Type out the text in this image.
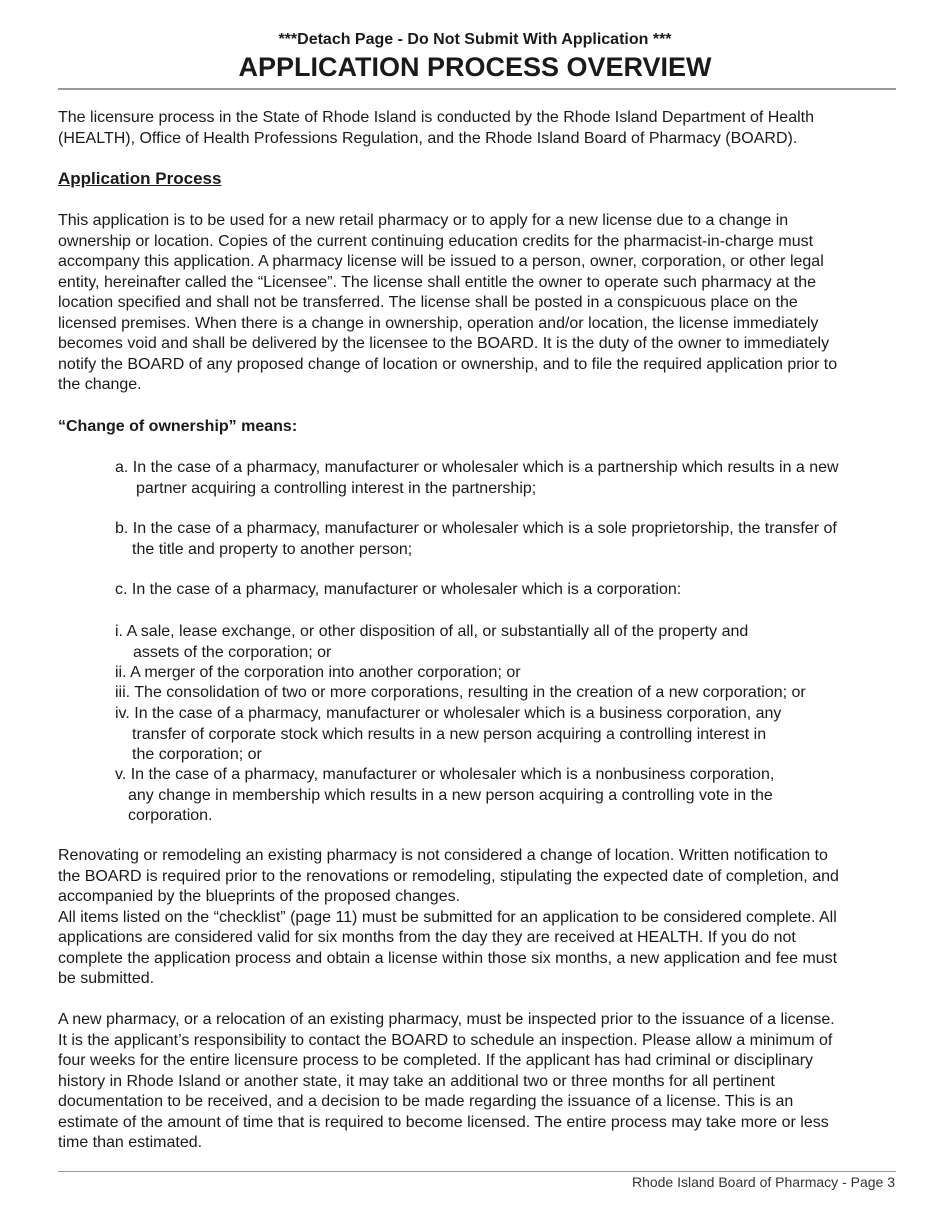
***Detach Page - Do Not Submit With Application ***
APPLICATION PROCESS OVERVIEW
The licensure process in the State of Rhode Island is conducted by the Rhode Island Department of Health
(HEALTH), Office of Health Professions Regulation, and the Rhode Island Board of Pharmacy (BOARD).
Application Process
This application is to be used for a new retail pharmacy or to apply for a new license due to a change in
ownership or location. Copies of the current continuing education credits for the pharmacist-in-charge must
accompany this application. A pharmacy license will be issued to a person, owner, corporation, or other legal
entity, hereinafter called the “Licensee”. The license shall entitle the owner to operate such pharmacy at the
location specified and shall not be transferred. The license shall be posted in a conspicuous place on the
licensed premises. When there is a change in ownership, operation and/or location, the license immediately
becomes void and shall be delivered by the licensee to the BOARD. It is the duty of the owner to immediately
notify the BOARD of any proposed change of location or ownership, and to file the required application prior to
the change.
“Change of ownership” means:
a. In the case of a pharmacy, manufacturer or wholesaler which is a partnership which results in a new
partner acquiring a controlling interest in the partnership;
b. In the case of a pharmacy, manufacturer or wholesaler which is a sole proprietorship, the transfer of
the title and property to another person;
c. In the case of a pharmacy, manufacturer or wholesaler which is a corporation:
i. A sale, lease exchange, or other disposition of all, or substantially all of the property and
assets of the corporation; or
ii. A merger of the corporation into another corporation; or
iii. The consolidation of two or more corporations, resulting in the creation of a new corporation; or
iv. In the case of a pharmacy, manufacturer or wholesaler which is a business corporation, any
transfer of corporate stock which results in a new person acquiring a controlling interest in
the corporation; or
v. In the case of a pharmacy, manufacturer or wholesaler which is a nonbusiness corporation,
any change in membership which results in a new person acquiring a controlling vote in the
corporation.
Renovating or remodeling an existing pharmacy is not considered a change of location. Written notification to
the BOARD is required prior to the renovations or remodeling, stipulating the expected date of completion, and
accompanied by the blueprints of the proposed changes.
All items listed on the “checklist” (page 11) must be submitted for an application to be considered complete. All
applications are considered valid for six months from the day they are received at HEALTH. If you do not
complete the application process and obtain a license within those six months, a new application and fee must
be submitted.
A new pharmacy, or a relocation of an existing pharmacy, must be inspected prior to the issuance of a license.
It is the applicant’s responsibility to contact the BOARD to schedule an inspection. Please allow a minimum of
four weeks for the entire licensure process to be completed. If the applicant has had criminal or disciplinary
history in Rhode Island or another state, it may take an additional two or three months for all pertinent
documentation to be received, and a decision to be made regarding the issuance of a license. This is an
estimate of the amount of time that is required to become licensed. The entire process may take more or less
time than estimated.
Rhode Island Board of Pharmacy - Page 3
